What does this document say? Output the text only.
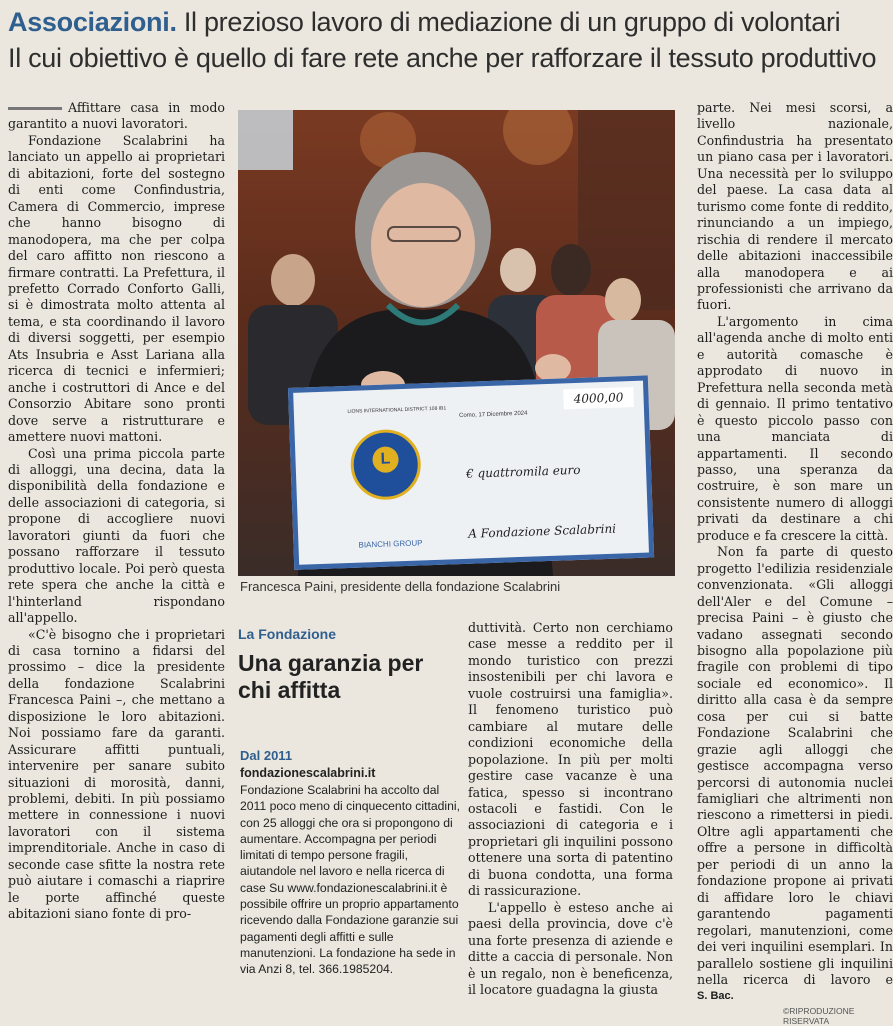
Associazioni. Il prezioso lavoro di mediazione di un gruppo di volontari
Il cui obiettivo è quello di fare rete anche per rafforzare il tessuto produttivo

Affittare casa in modo garantito a nuovi lavoratori.

Fondazione Scalabrini ha lanciato un appello ai proprietari di abitazioni, forte del sostegno di enti come Confindustria, Camera di Commercio, imprese che hanno bisogno di manodopera, ma che per colpa del caro affitto non riescono a firmare contratti. La Prefettura, il prefetto Corrado Conforto Galli, si è dimostrata molto attenta al tema, e sta coordinando il lavoro di diversi soggetti, per esempio Ats Insubria e Asst Lariana alla ricerca di tecnici e infermieri; anche i costruttori di Ance e del Consorzio Abitare sono pronti dove serve a ristrutturare e amettere nuovi mattoni.

Così una prima piccola parte di alloggi, una decina, data la disponibilità della fondazione e delle associazioni di categoria, si propone di accogliere nuovi lavoratori giunti da fuori che possano rafforzare il tessuto produttivo locale. Poi però questa rete spera che anche la città e l'hinterland rispondano all'appello.

«C'è bisogno che i proprietari di casa tornino a fidarsi del prossimo – dice la presidente della fondazione Scalabrini Francesca Paini –, che mettano a disposizione le loro abitazioni. Noi possiamo fare da garanti. Assicurare affitti puntuali, intervenire per sanare subito situazioni di morosità, danni, problemi, debiti. In più possiamo mettere in connessione i nuovi lavoratori con il sistema imprenditoriale. Anche in caso di seconde case sfitte la nostra rete può aiutare i comaschi a riaprire le porte affinché queste abitazioni siano fonte di pro-

LIONS INTERNATIONAL DISTRICT 108 IB1
L
Como, 17 Dicembre 2024
4000,00
€ quattromila euro
BIANCHI GROUP
A Fondazione Scalabrini
Francesca Paini, presidente della fondazione Scalabrini
La Fondazione
Una garanzia per chi affitta
Dal 2011
fondazionescalabrini.it
Fondazione Scalabrini ha accolto dal 2011 poco meno di cinquecento cittadini, con 25 alloggi che ora si propongono di aumentare. Accompagna per periodi limitati di tempo persone fragili, aiutandole nel lavoro e nella ricerca di case Su www.fondazionescalabrini.it è possibile offrire un proprio appartamento ricevendo dalla Fondazione garanzie sui pagamenti degli affitti e sulle manutenzioni. La fondazione ha sede in via Anzi 8, tel. 366.1985204.

duttività. Certo non cerchiamo case messe a reddito per il mondo turistico con prezzi insostenibili per chi lavora e vuole costruirsi una famiglia». Il fenomeno turistico può cambiare al mutare delle condizioni economiche della popolazione. In più per molti gestire case vacanze è una fatica, spesso si incontrano ostacoli e fastidi. Con le associazioni di categoria e i proprietari gli inquilini possono ottenere una sorta di patentino di buona condotta, una forma di rassicurazione.

L'appello è esteso anche ai paesi della provincia, dove c'è una forte presenza di aziende e ditte a caccia di personale. Non è un regalo, non è beneficenza, il locatore guadagna la giusta

parte. Nei mesi scorsi, a livello nazionale, Confindustria ha presentato un piano casa per i lavoratori. Una necessità per lo sviluppo del paese. La casa data al turismo come fonte di reddito, rinunciando a un impiego, rischia di rendere il mercato delle abitazioni inaccessibile alla manodopera e ai professionisti che arrivano da fuori.

L'argomento in cima all'agenda anche di molto enti e autorità comasche è approdato di nuovo in Prefettura nella seconda metà di gennaio. Il primo tentativo è questo piccolo passo con una manciata di appartamenti. Il secondo passo, una speranza da costruire, è son mare un consistente numero di alloggi privati da destinare a chi produce e fa crescere la città.

Non fa parte di questo progetto l'edilizia residenziale convenzionata. «Gli alloggi dell'Aler e del Comune – precisa Paini – è giusto che vadano assegnati secondo bisogno alla popolazione più fragile con problemi di tipo sociale ed economico». Il diritto alla casa è da sempre cosa per cui si batte Fondazione Scalabrini che grazie agli alloggi che gestisce accompagna verso percorsi di autonomia nuclei famigliari che altrimenti non riescono a rimettersi in piedi. Oltre agli appartamenti che offre a persone in difficoltà per periodi di un anno la fondazione propone ai privati di affidare loro le chiavi garantendo pagamenti regolari, manutenzioni, come dei veri inquilini esemplari. In parallelo sostiene gli inquilini nella ricerca di lavoro e

S. Bac.
©RIPRODUZIONE RISERVATA
